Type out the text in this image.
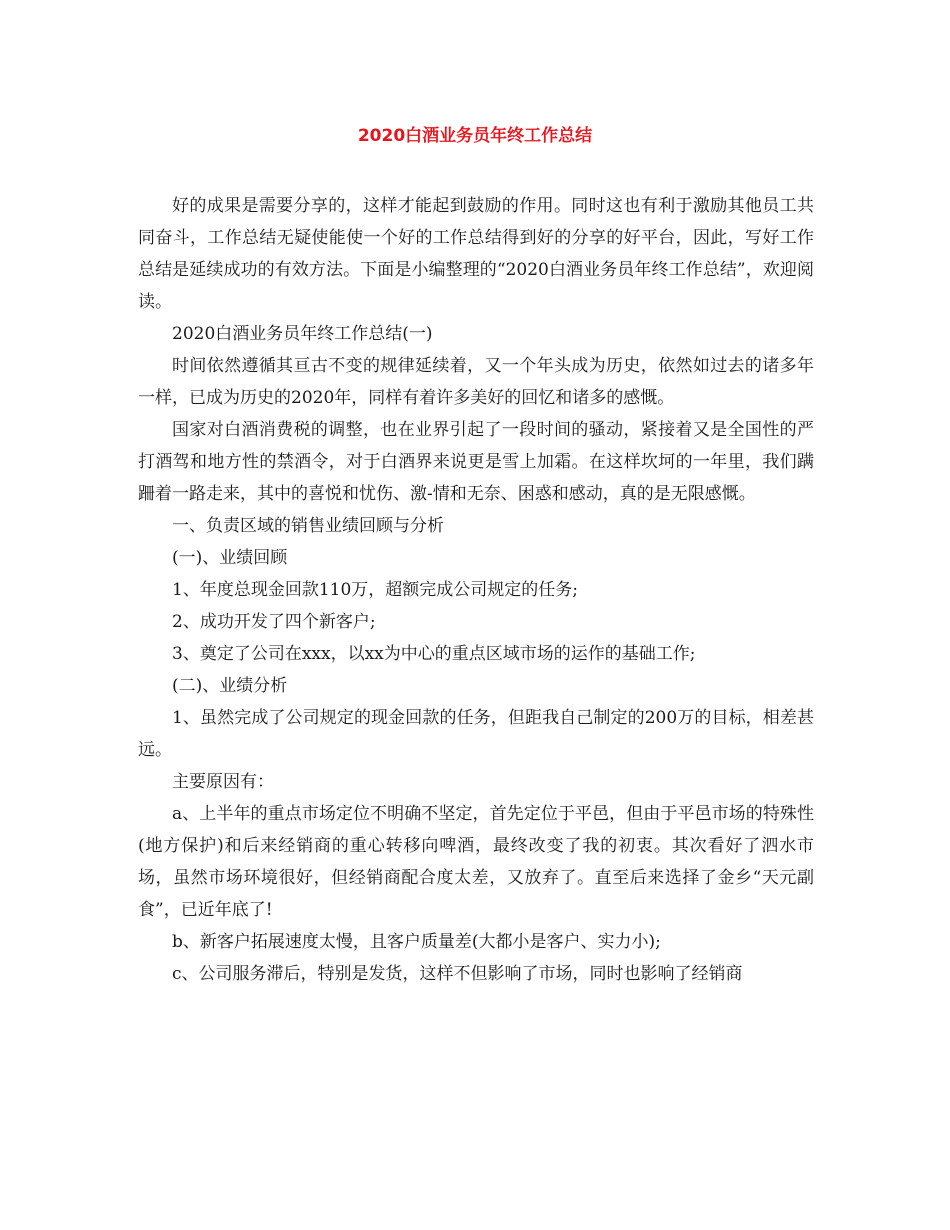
2020白酒业务员年终工作总结

好的成果是需要分享的，这样才能起到鼓励的作用。同时这也有利于激励其他员工共同奋斗，工作总结无疑使能使一个好的工作总结得到好的分享的好平台，因此，写好工作总结是延续成功的有效方法。下面是小编整理的“2020白酒业务员年终工作总结”，欢迎阅读。

2020白酒业务员年终工作总结(一)

时间依然遵循其亘古不变的规律延续着，又一个年头成为历史，依然如过去的诸多年一样，已成为历史的2020年，同样有着许多美好的回忆和诸多的感慨。

国家对白酒消费税的调整，也在业界引起了一段时间的骚动，紧接着又是全国性的严打酒驾和地方性的禁酒令，对于白酒界来说更是雪上加霜。在这样坎坷的一年里，我们蹒跚着一路走来，其中的喜悦和忧伤、激-情和无奈、困惑和感动，真的是无限感慨。

一、负责区域的销售业绩回顾与分析

(一)、业绩回顾

1、年度总现金回款110万，超额完成公司规定的任务;

2、成功开发了四个新客户;

3、奠定了公司在xxx，以xx为中心的重点区域市场的运作的基础工作;

(二)、业绩分析

1、虽然完成了公司规定的现金回款的任务，但距我自己制定的200万的目标，相差甚远。

主要原因有：

a、上半年的重点市场定位不明确不坚定，首先定位于平邑，但由于平邑市场的特殊性(地方保护)和后来经销商的重心转移向啤酒，最终改变了我的初衷。其次看好了泗水市场，虽然市场环境很好，但经销商配合度太差，又放弃了。直至后来选择了金乡“天元副食”，已近年底了!

b、新客户拓展速度太慢，且客户质量差(大都小是客户、实力小);

c、公司服务滞后，特别是发货，这样不但影响了市场，同时也影响了经销商
